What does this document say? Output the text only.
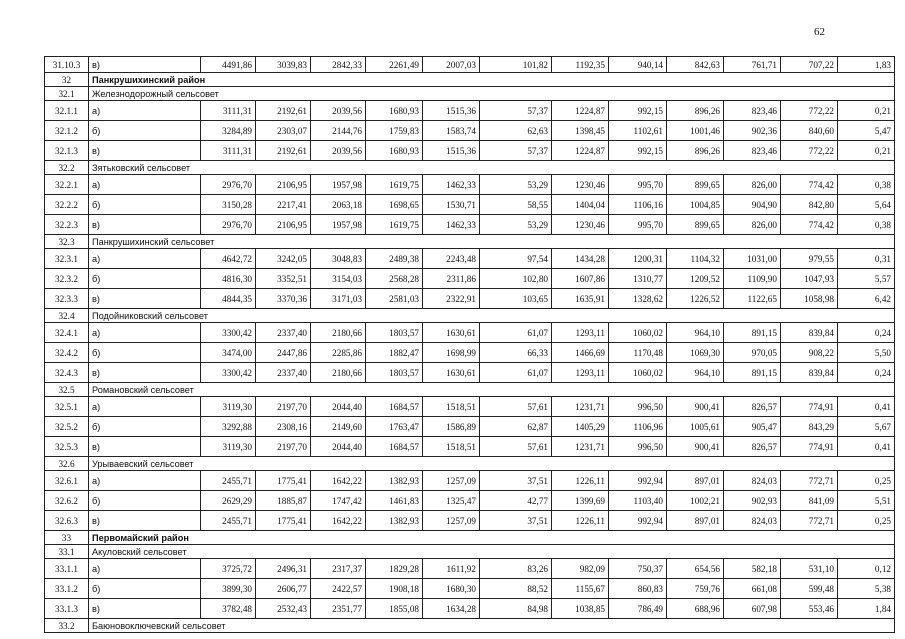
62
31.10.3	в)	4491,86	3039,83	2842,33	2261,49	2007,03	101,82	1192,35	940,14	842,63	761,71	707,22	1,83
32	Панкрушихинский район												
32.1	Железнодорожный сельсовет												
32.1.1	а)	3111,31	2192,61	2039,56	1680,93	1515,36	57,37	1224,87	992,15	896,26	823,46	772,22	0,21
32.1.2	б)	3284,89	2303,07	2144,76	1759,83	1583,74	62,63	1398,45	1102,61	1001,46	902,36	840,60	5,47
32.1.3	в)	3111,31	2192,61	2039,56	1680,93	1515,36	57,37	1224,87	992,15	896,26	823,46	772,22	0,21
32.2	Зятьковский сельсовет												
32.2.1	а)	2976,70	2106,95	1957,98	1619,75	1462,33	53,29	1230,46	995,70	899,65	826,00	774,42	0,38
32.2.2	б)	3150,28	2217,41	2063,18	1698,65	1530,71	58,55	1404,04	1106,16	1004,85	904,90	842,80	5,64
32.2.3	в)	2976,70	2106,95	1957,98	1619,75	1462,33	53,29	1230,46	995,70	899,65	826,00	774,42	0,38
32.3	Панкрушихинский сельсовет												
32.3.1	а)	4642,72	3242,05	3048,83	2489,38	2243,48	97,54	1434,28	1200,31	1104,32	1031,00	979,55	0,31
32.3.2	б)	4816,30	3352,51	3154,03	2568,28	2311,86	102,80	1607,86	1310,77	1209,52	1109,90	1047,93	5,57
32.3.3	в)	4844,35	3370,36	3171,03	2581,03	2322,91	103,65	1635,91	1328,62	1226,52	1122,65	1058,98	6,42
32.4	Подойниковский сельсовет												
32.4.1	а)	3300,42	2337,40	2180,66	1803,57	1630,61	61,07	1293,11	1060,02	964,10	891,15	839,84	0,24
32.4.2	б)	3474,00	2447,86	2285,86	1882,47	1698,99	66,33	1466,69	1170,48	1069,30	970,05	908,22	5,50
32.4.3	в)	3300,42	2337,40	2180,66	1803,57	1630,61	61,07	1293,11	1060,02	964,10	891,15	839,84	0,24
32.5	Романовский сельсовет												
32.5.1	а)	3119,30	2197,70	2044,40	1684,57	1518,51	57,61	1231,71	996,50	900,41	826,57	774,91	0,41
32.5.2	б)	3292,88	2308,16	2149,60	1763,47	1586,89	62,87	1405,29	1106,96	1005,61	905,47	843,29	5,67
32.5.3	в)	3119,30	2197,70	2044,40	1684,57	1518,51	57,61	1231,71	996,50	900,41	826,57	774,91	0,41
32.6	Урываевский сельсовет												
32.6.1	а)	2455,71	1775,41	1642,22	1382,93	1257,09	37,51	1226,11	992,94	897,01	824,03	772,71	0,25
32.6.2	б)	2629,29	1885,87	1747,42	1461,83	1325,47	42,77	1399,69	1103,40	1002,21	902,93	841,09	5,51
32.6.3	в)	2455,71	1775,41	1642,22	1382,93	1257,09	37,51	1226,11	992,94	897,01	824,03	772,71	0,25
33	Первомайский район												
33.1	Акуловский сельсовет												
33.1.1	а)	3725,72	2496,31	2317,37	1829,28	1611,92	83,26	982,09	750,37	654,56	582,18	531,10	0,12
33.1.2	б)	3899,30	2606,77	2422,57	1908,18	1680,30	88,52	1155,67	860,83	759,76	661,08	599,48	5,38
33.1.3	в)	3782,48	2532,43	2351,77	1855,08	1634,28	84,98	1038,85	786,49	688,96	607,98	553,46	1,84
33.2	Баюновоключевский сельсовет												
